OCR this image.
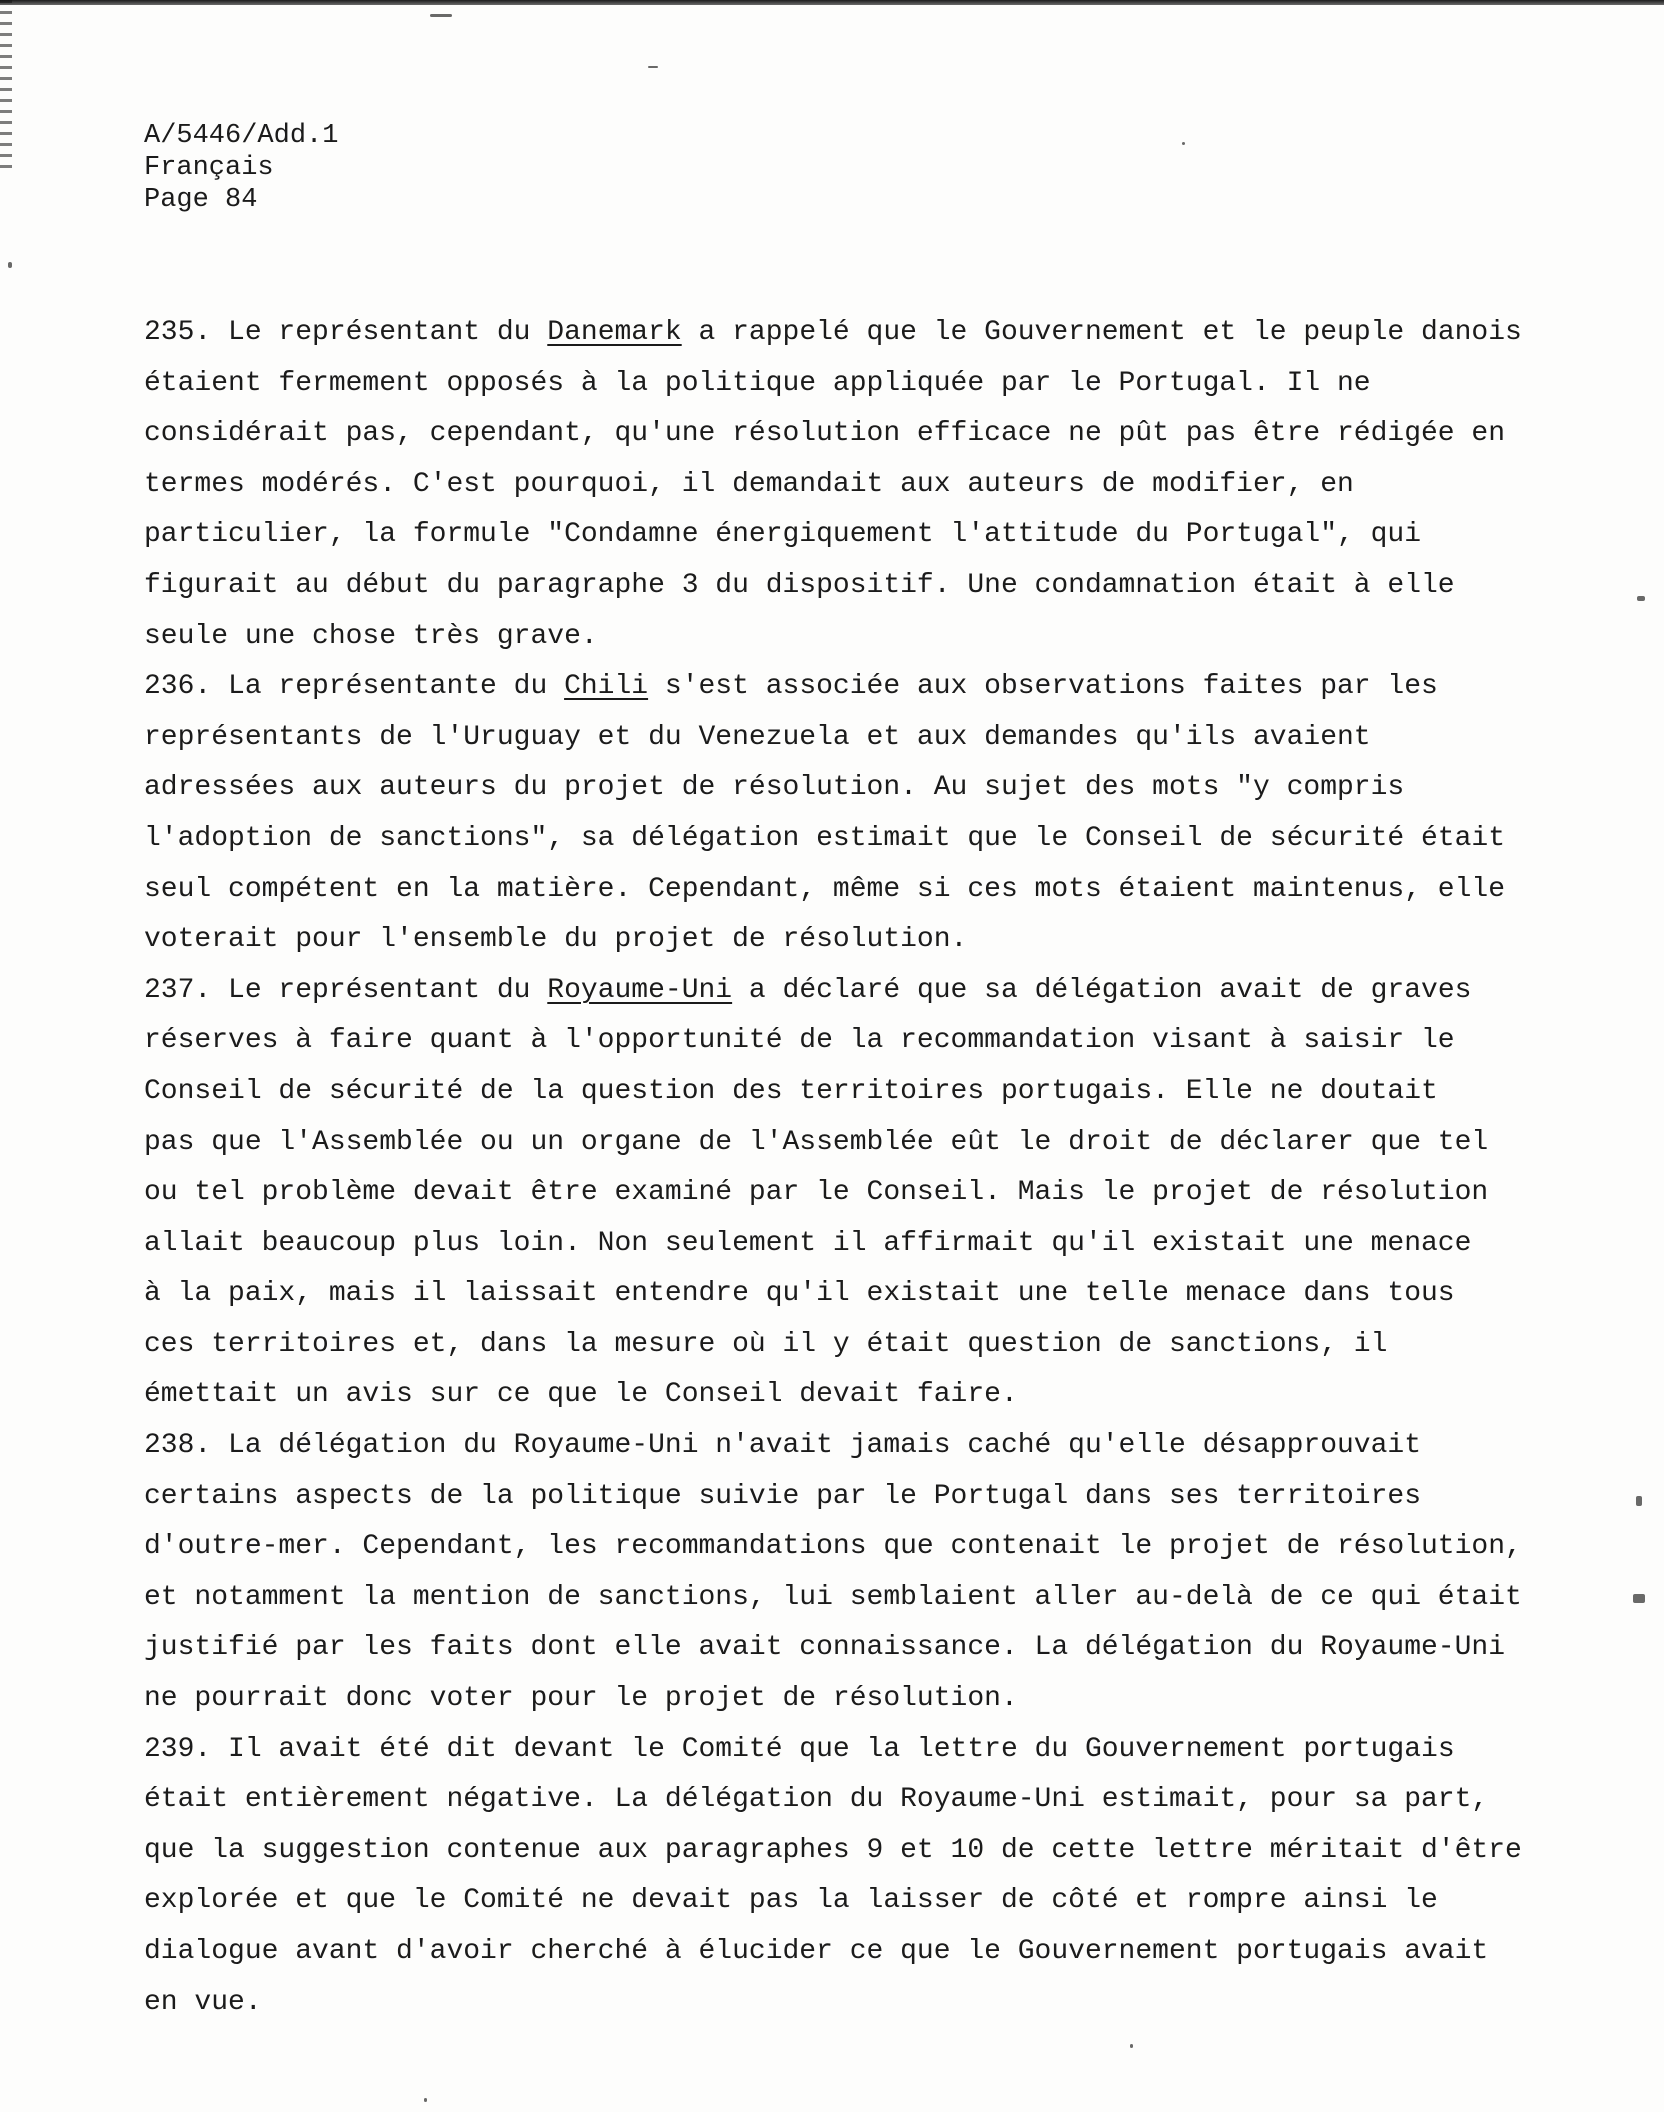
A/5446/Add.1
Français
Page 84
235. Le représentant du Danemark a rappelé que le Gouvernement et le peuple danois
étaient fermement opposés à la politique appliquée par le Portugal. Il ne
considérait pas, cependant, qu'une résolution efficace ne pût pas être rédigée en
termes modérés. C'est pourquoi, il demandait aux auteurs de modifier, en
particulier, la formule "Condamne énergiquement l'attitude du Portugal", qui
figurait au début du paragraphe 3 du dispositif. Une condamnation était à elle
seule une chose très grave.
236. La représentante du Chili s'est associée aux observations faites par les
représentants de l'Uruguay et du Venezuela et aux demandes qu'ils avaient
adressées aux auteurs du projet de résolution. Au sujet des mots "y compris
l'adoption de sanctions", sa délégation estimait que le Conseil de sécurité était
seul compétent en la matière. Cependant, même si ces mots étaient maintenus, elle
voterait pour l'ensemble du projet de résolution.
237. Le représentant du Royaume-Uni a déclaré que sa délégation avait de graves
réserves à faire quant à l'opportunité de la recommandation visant à saisir le
Conseil de sécurité de la question des territoires portugais. Elle ne doutait
pas que l'Assemblée ou un organe de l'Assemblée eût le droit de déclarer que tel
ou tel problème devait être examiné par le Conseil. Mais le projet de résolution
allait beaucoup plus loin. Non seulement il affirmait qu'il existait une menace
à la paix, mais il laissait entendre qu'il existait une telle menace dans tous
ces territoires et, dans la mesure où il y était question de sanctions, il
émettait un avis sur ce que le Conseil devait faire.
238. La délégation du Royaume-Uni n'avait jamais caché qu'elle désapprouvait
certains aspects de la politique suivie par le Portugal dans ses territoires
d'outre-mer. Cependant, les recommandations que contenait le projet de résolution,
et notamment la mention de sanctions, lui semblaient aller au-delà de ce qui était
justifié par les faits dont elle avait connaissance. La délégation du Royaume-Uni
ne pourrait donc voter pour le projet de résolution.
239. Il avait été dit devant le Comité que la lettre du Gouvernement portugais
était entièrement négative. La délégation du Royaume-Uni estimait, pour sa part,
que la suggestion contenue aux paragraphes 9 et 10 de cette lettre méritait d'être
explorée et que le Comité ne devait pas la laisser de côté et rompre ainsi le
dialogue avant d'avoir cherché à élucider ce que le Gouvernement portugais avait
en vue.
